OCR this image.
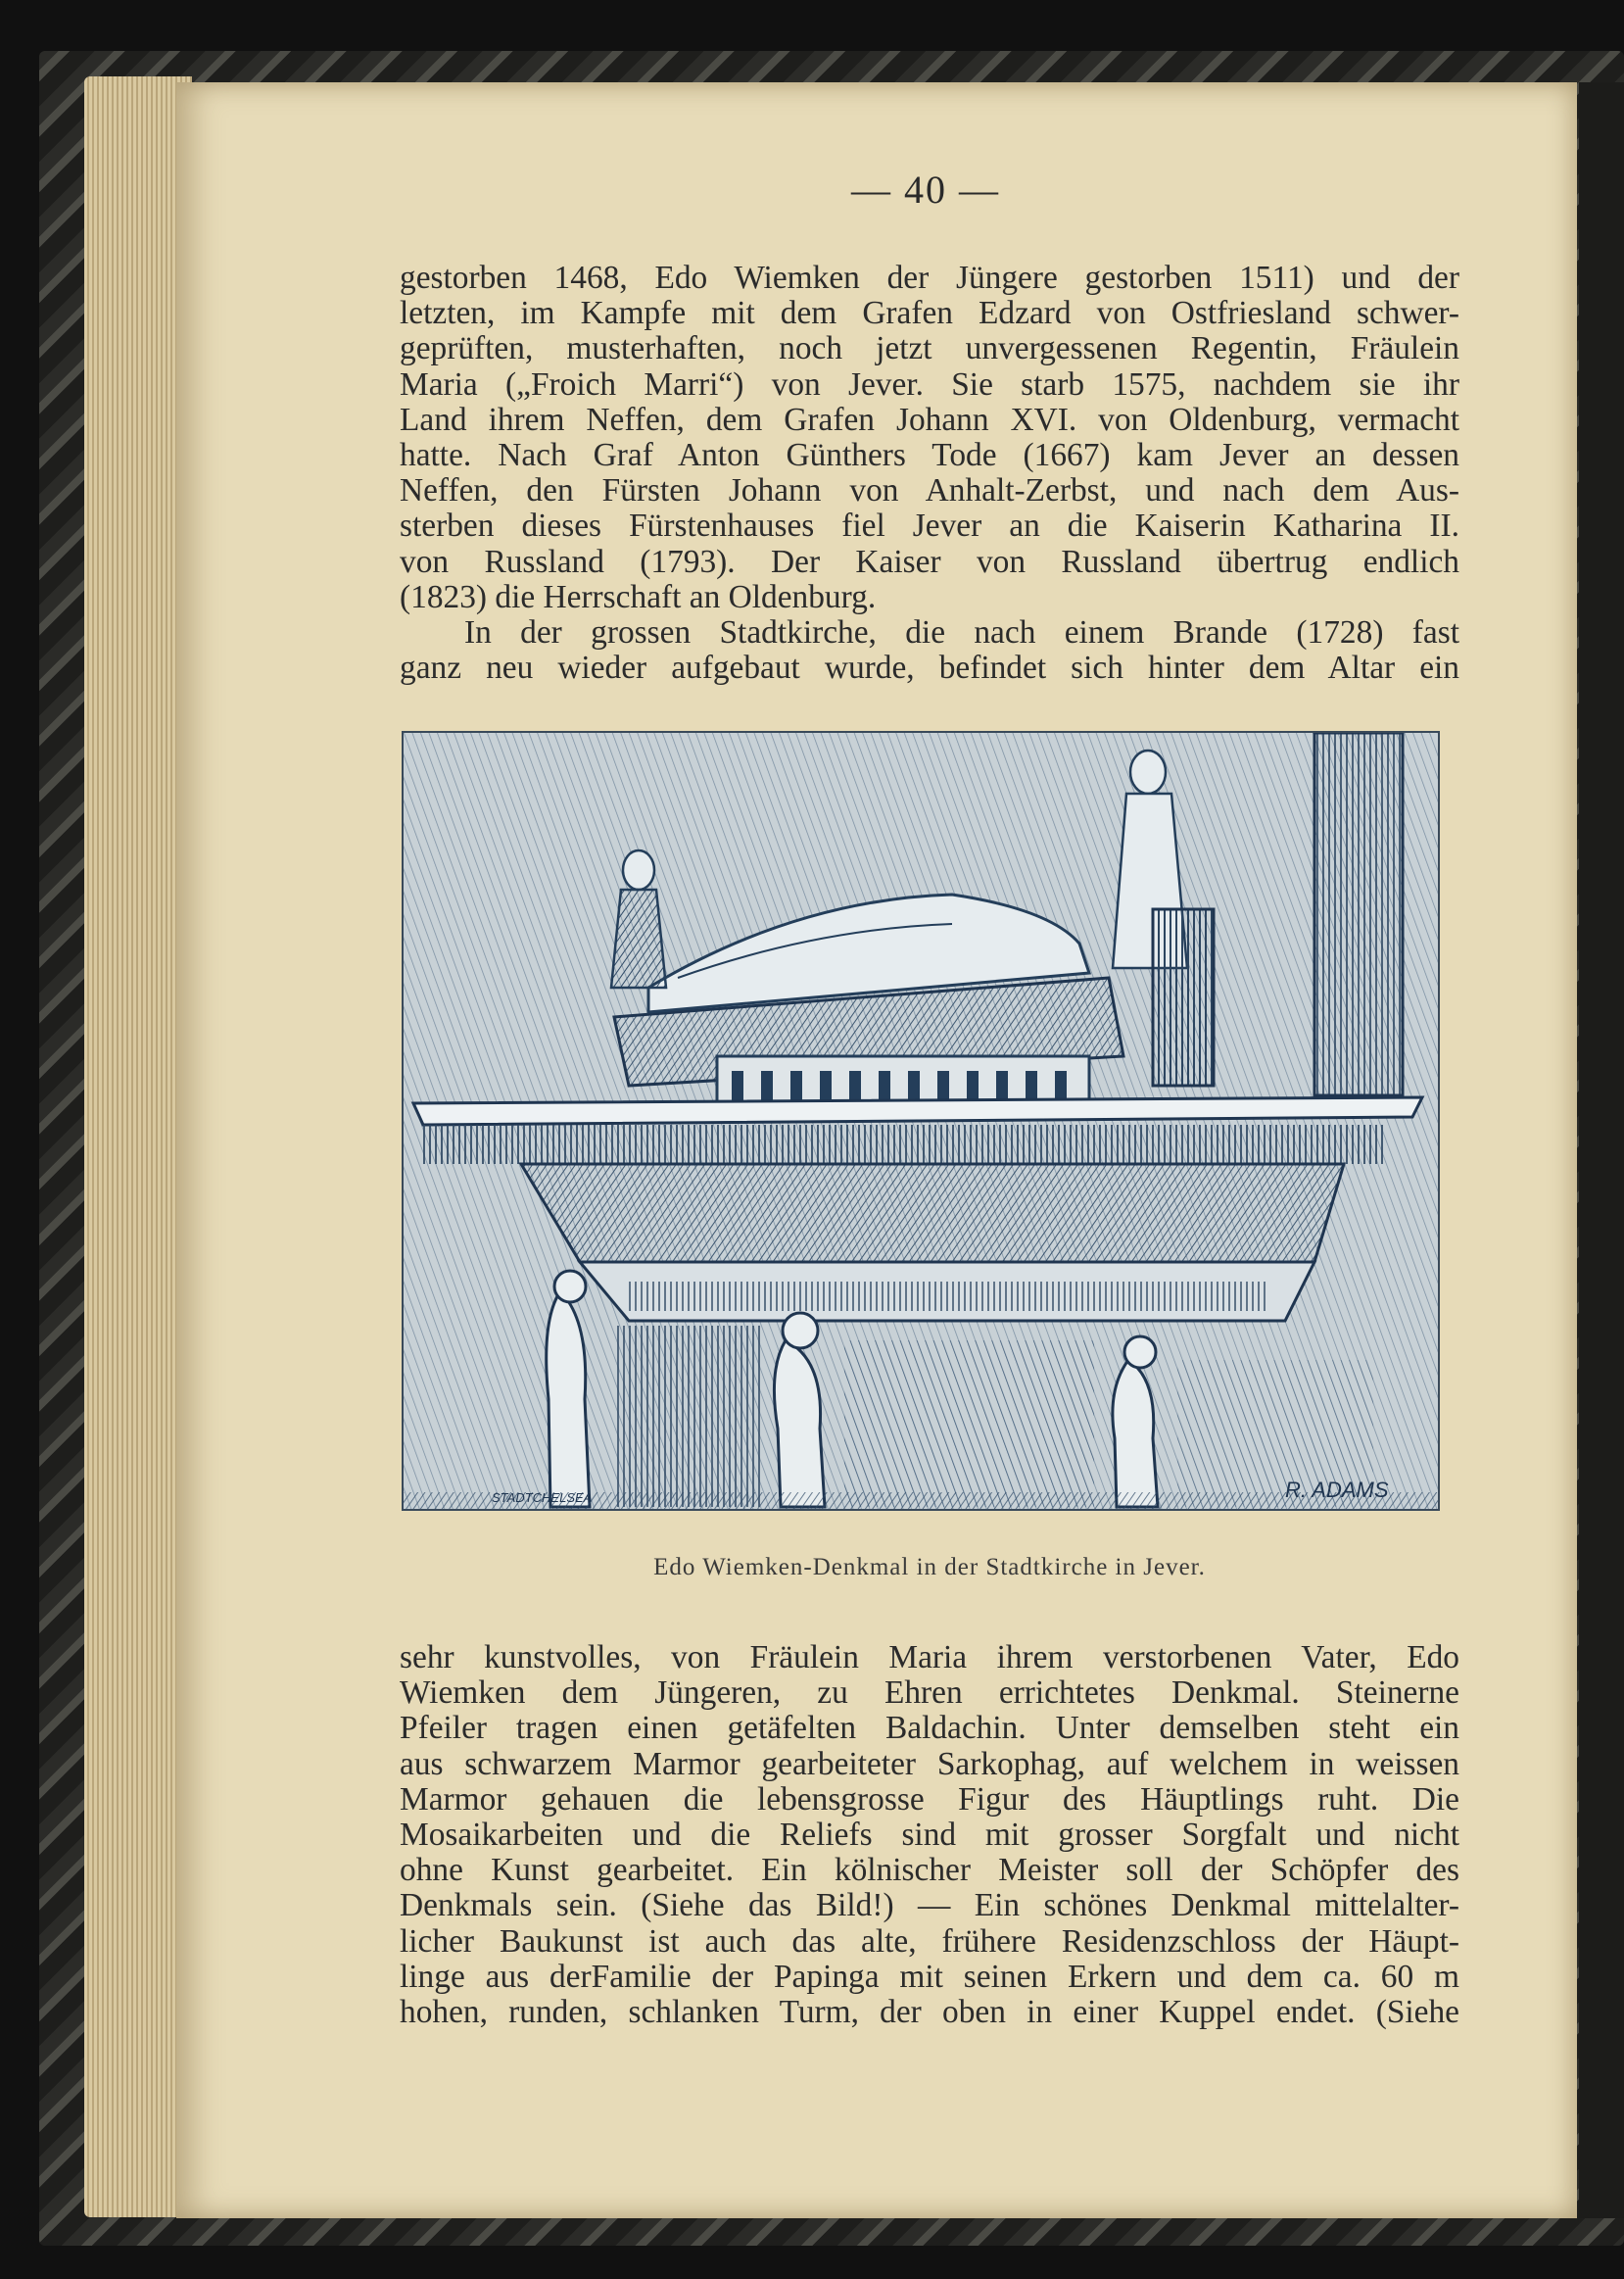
— 40 —
gestorben 1468, Edo Wiemken der Jüngere gestorben 1511) und der
letzten, im Kampfe mit dem Grafen Edzard von Ostfriesland schwer-
geprüften, musterhaften, noch jetzt unvergessenen Regentin, Fräulein
Maria („Froich Marri“) von Jever. Sie starb 1575, nachdem sie ihr
Land ihrem Neffen, dem Grafen Johann XVI. von Oldenburg, vermacht
hatte. Nach Graf Anton Günthers Tode (1667) kam Jever an dessen
Neffen, den Fürsten Johann von Anhalt-Zerbst, und nach dem Aus-
sterben dieses Fürstenhauses fiel Jever an die Kaiserin Katharina II.
von Russland (1793). Der Kaiser von Russland übertrug endlich
(1823) die Herrschaft an Oldenburg.
In der grossen Stadtkirche, die nach einem Brande (1728) fast
ganz neu wieder aufgebaut wurde, befindet sich hinter dem Altar ein
R. ADAMS
STADTCHELSEA
Edo Wiemken-Denkmal in der Stadtkirche in Jever.
sehr kunstvolles, von Fräulein Maria ihrem verstorbenen Vater, Edo
Wiemken dem Jüngeren, zu Ehren errichtetes Denkmal. Steinerne
Pfeiler tragen einen getäfelten Baldachin. Unter demselben steht ein
aus schwarzem Marmor gearbeiteter Sarkophag, auf welchem in weissen
Marmor gehauen die lebensgrosse Figur des Häuptlings ruht. Die
Mosaikarbeiten und die Reliefs sind mit grosser Sorgfalt und nicht
ohne Kunst gearbeitet. Ein kölnischer Meister soll der Schöpfer des
Denkmals sein. (Siehe das Bild!) — Ein schönes Denkmal mittelalter-
licher Baukunst ist auch das alte, frühere Residenzschloss der Häupt-
linge aus derFamilie der Papinga mit seinen Erkern und dem ca. 60 m
hohen, runden, schlanken Turm, der oben in einer Kuppel endet. (Siehe
